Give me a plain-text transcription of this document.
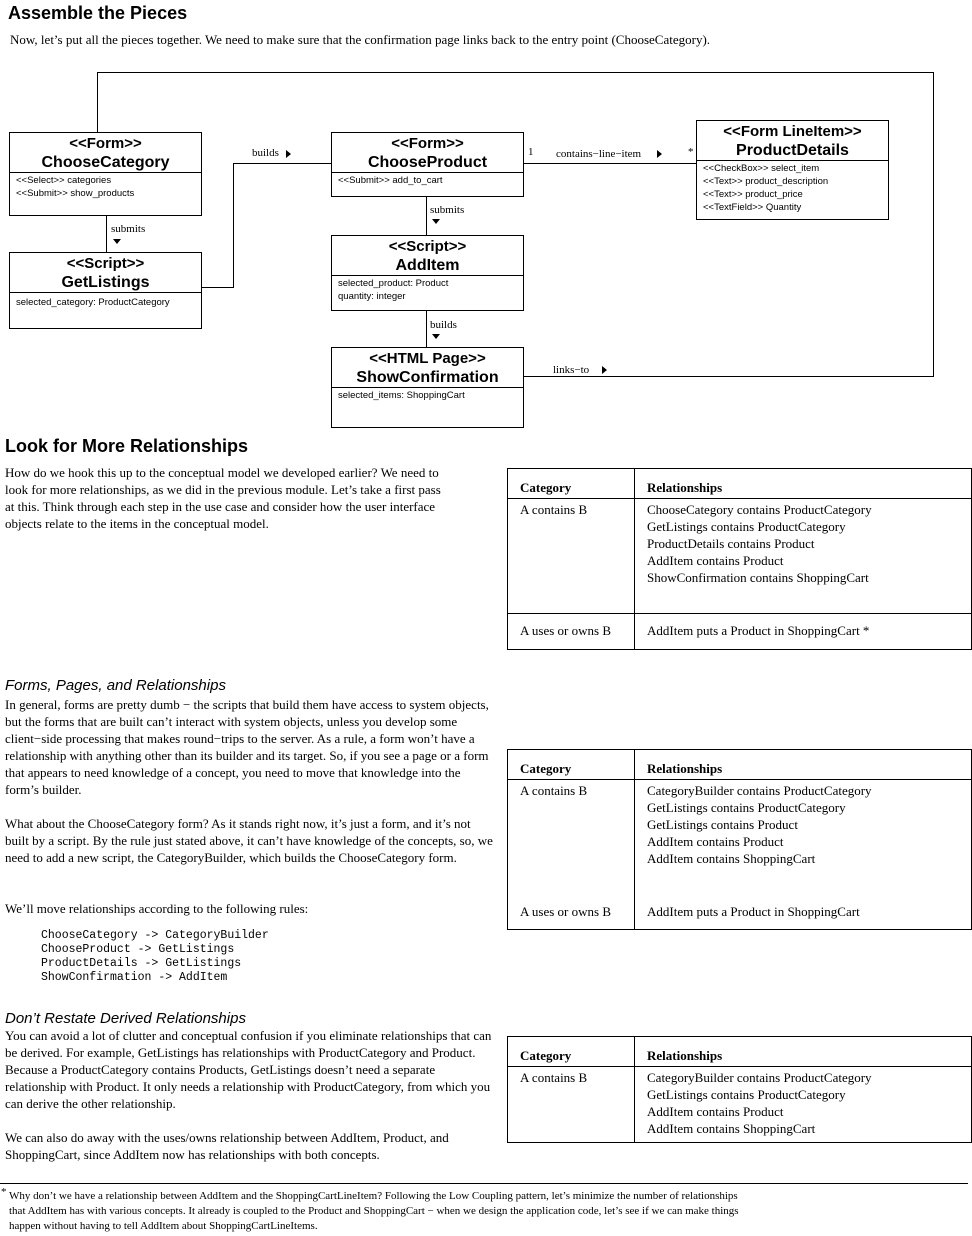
Assemble the Pieces
Now, let’s put all the pieces together. We need to make sure that the confirmation page links back to the entry point (ChooseCategory).
submits
builds
submits
builds
1 contains−line−item	*
links−to
<<Form>>
ChooseCategory
<<Select>> categories
<<Submit>> show_products
<<Script>>
GetListings
selected_category: ProductCategory
<<Form>>
ChooseProduct
<<Submit>> add_to_cart
<<Script>>
AddItem
selected_product: Product
quantity: integer
<<HTML Page>>
ShowConfirmation
selected_items: ShoppingCart
<<Form LineItem>>
ProductDetails
<<CheckBox>> select_item
<<Text>> product_description
<<Text>> product_price
<<TextField>> Quantity
Look for More Relationships
How do we hook this up to the conceptual model we developed earlier? We need to look for more relationships, as we did in the previous module. Let’s take a first pass at this. Think through each step in the use case and consider how the user interface objects relate to the items in the conceptual model.
Category	Relationships
A contains B	ChooseCategory contains ProductCategory
GetListings contains ProductCategory
ProductDetails contains Product
AddItem contains Product
ShowConfirmation contains ShoppingCart

A uses or owns B	AddItem puts a Product in ShoppingCart *
Forms, Pages, and Relationships
In general, forms are pretty dumb − the scripts that build them have access to system objects, but the forms that are built can’t interact with system objects, unless you develop some client−side processing that makes round−trips to the server. As a rule, a form won’t have a relationship with anything other than its builder and its target. So, if you see a page or a form that appears to need knowledge of a concept, you need to move that knowledge into the form’s builder.
What about the ChooseCategory form? As it stands right now, it’s just a form, and it’s not built by a script. By the rule just stated above, it can’t have knowledge of the concepts, so, we need to add a new script, the CategoryBuilder, which builds the ChooseCategory form.
We’ll move relationships according to the following rules:
ChooseCategory -> CategoryBuilder
ChooseProduct -> GetListings
ProductDetails -> GetListings
ShowConfirmation -> AddItem
Category	Relationships
A contains B	CategoryBuilder contains ProductCategory
GetListings contains ProductCategory
GetListings contains Product
AddItem contains Product
AddItem contains ShoppingCart

A uses or owns B	AddItem puts a Product in ShoppingCart
Don’t Restate Derived Relationships
You can avoid a lot of clutter and conceptual confusion if you eliminate relationships that can be derived. For example, GetListings has relationships with ProductCategory and Product. Because a ProductCategory contains Products, GetListings doesn’t need a separate relationship with Product. It only needs a relationship with ProductCategory, from which you can derive the other relationship.
We can also do away with the uses/owns relationship between AddItem, Product, and ShoppingCart, since AddItem now has relationships with both concepts.
Category	Relationships
A contains B	CategoryBuilder contains ProductCategory
GetListings contains ProductCategory
AddItem contains Product
AddItem contains ShoppingCart
* Why don’t we have a relationship between AddItem and the ShoppingCartLineItem? Following the Low Coupling pattern, let’s minimize the number of relationships
that AddItem has with various concepts. It already is coupled to the Product and ShoppingCart − when we design the application code, let’s see if we can make things
happen without having to tell AddItem about ShoppingCartLineItems.
